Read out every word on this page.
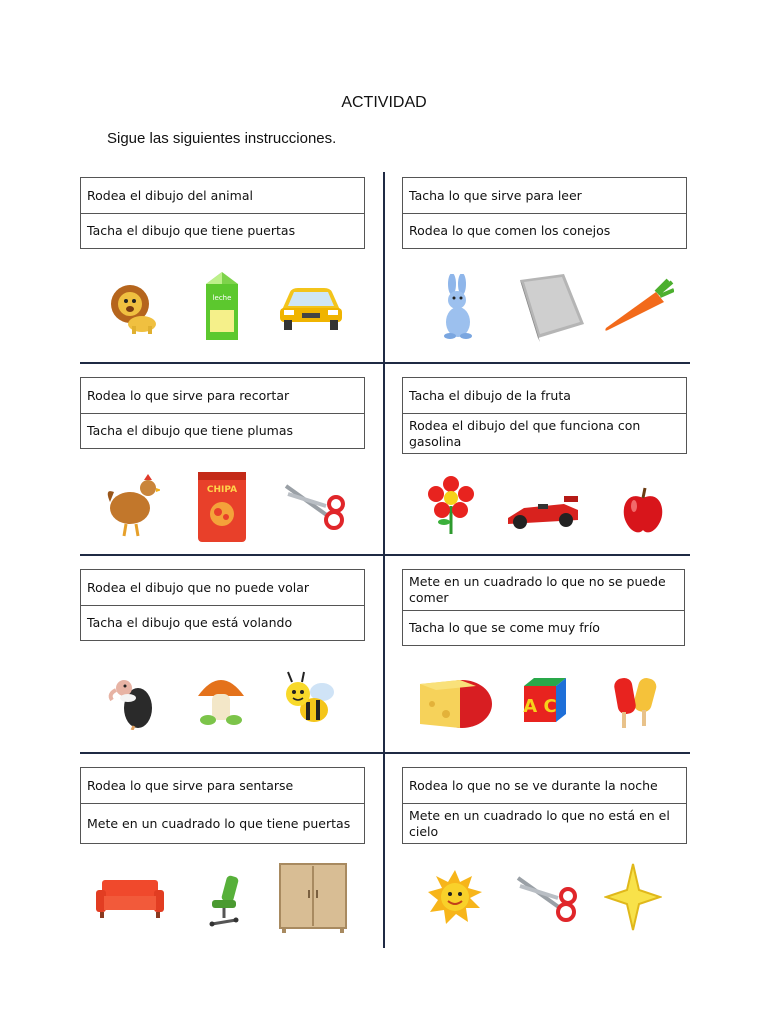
ACTIVIDAD
Sigue las siguientes instrucciones.
Rodea el dibujo del animal
Tacha el dibujo que tiene puertas
leche
Tacha lo que sirve para leer
Rodea lo que comen los conejos
Rodea lo que sirve para recortar
Tacha el dibujo que tiene plumas
CHIPA
Tacha el dibujo de la fruta
Rodea el dibujo del que funciona con gasolina
Rodea el dibujo que no puede volar
Tacha el dibujo que está volando
Mete en un cuadrado lo que no se puede comer
Tacha lo que se come muy frío
A C
Rodea lo que sirve para sentarse
Mete en un cuadrado lo que tiene puertas
Rodea lo que no se ve durante la noche
Mete en un cuadrado lo que no está en el cielo
